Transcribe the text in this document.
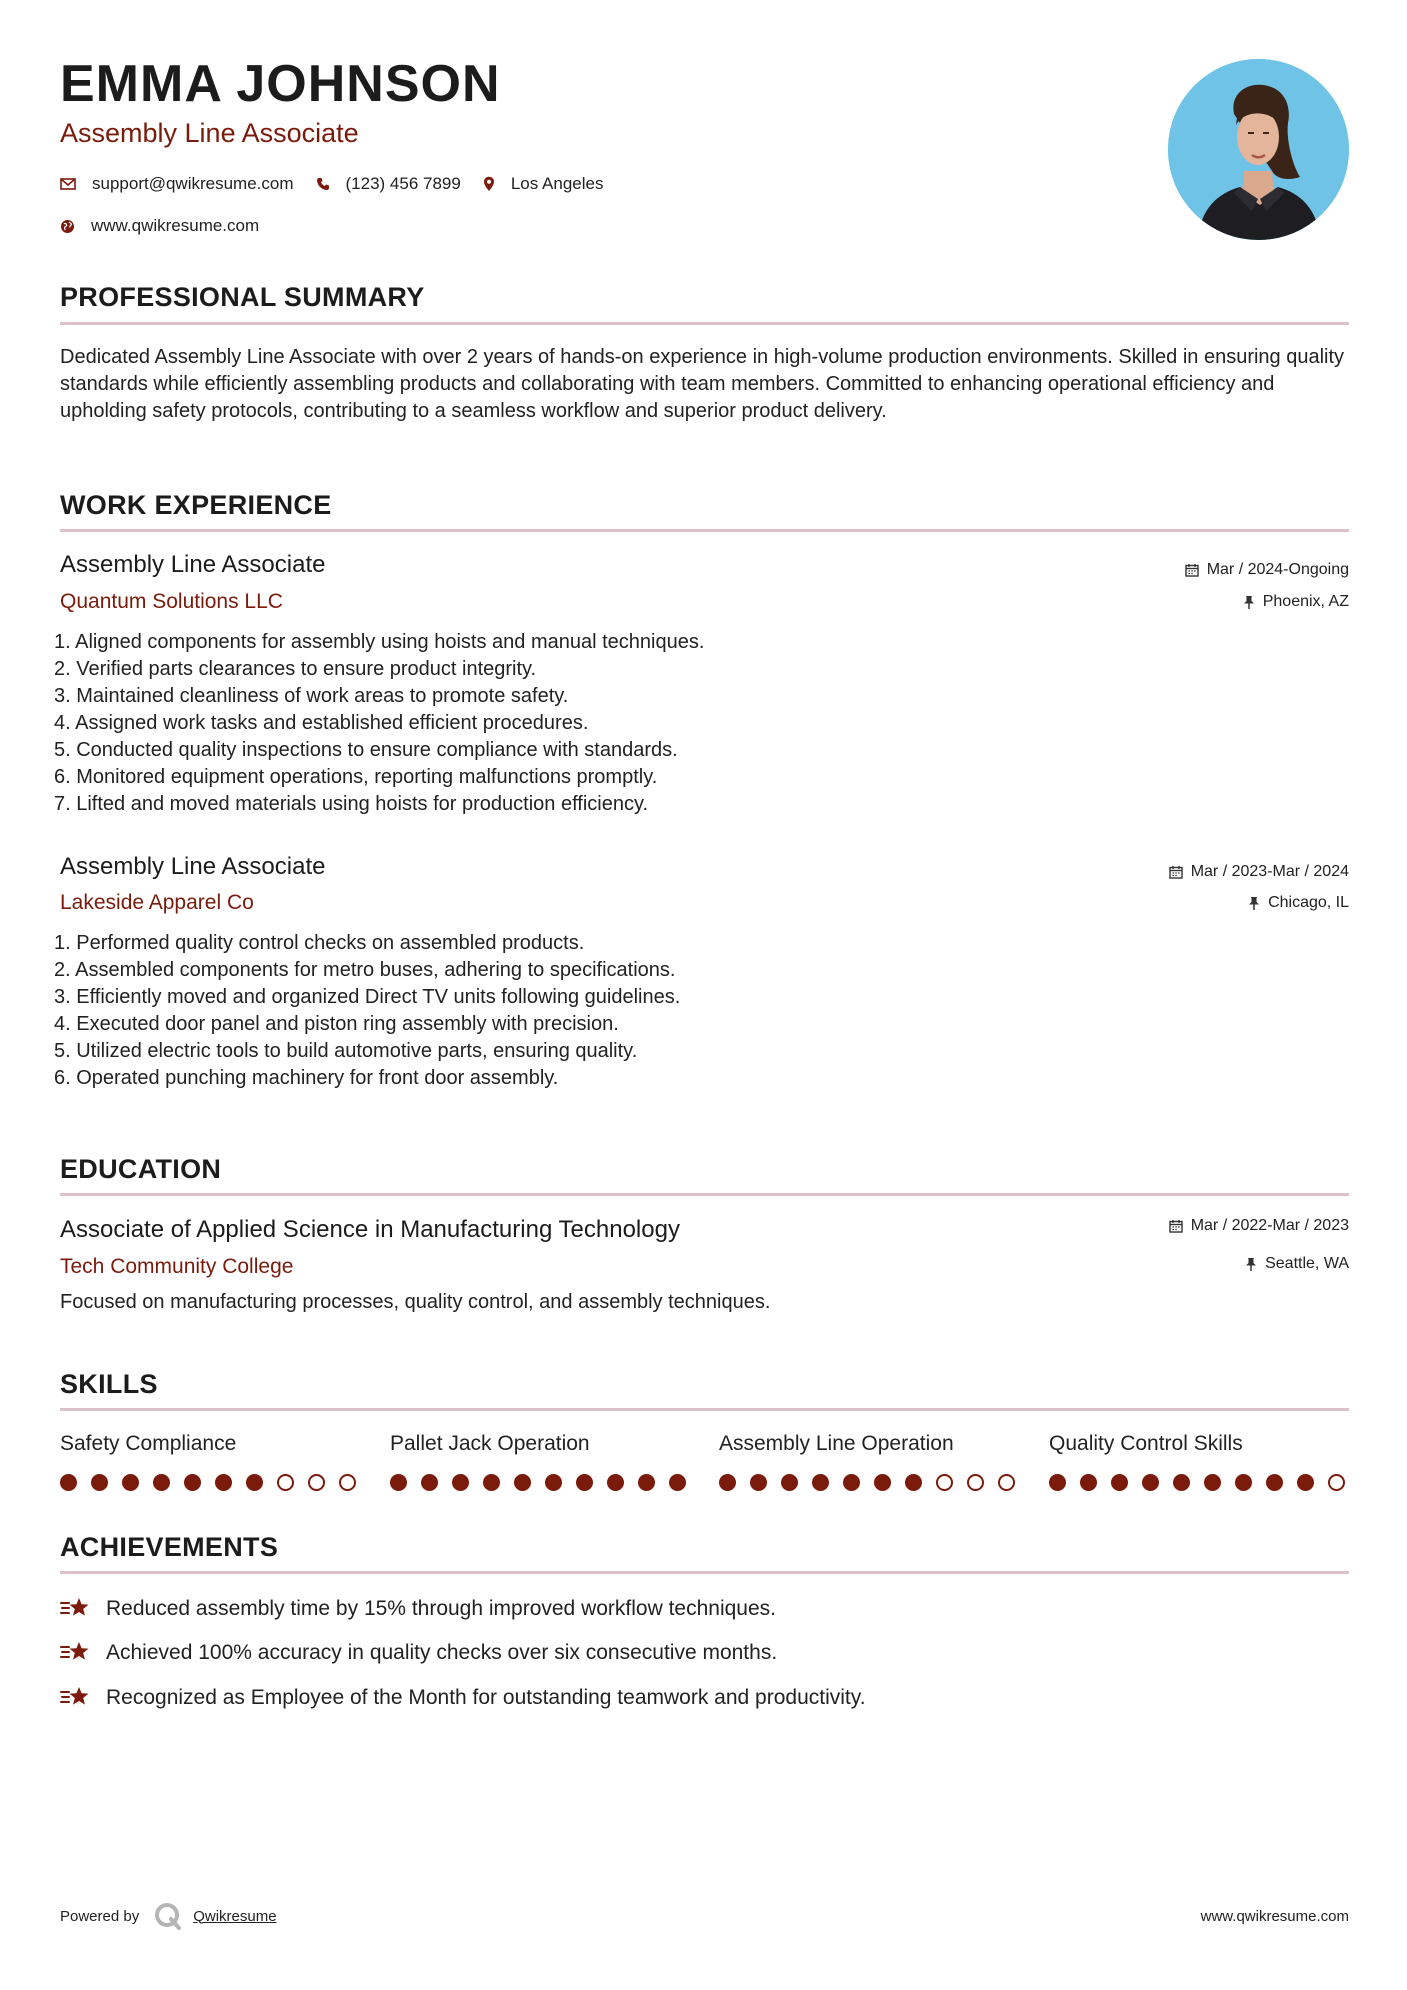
EMMA JOHNSON
Assembly Line Associate
support@qwikresume.com	(123) 456 7899	Los Angeles
www.qwikresume.com
PROFESSIONAL SUMMARY
Dedicated Assembly Line Associate with over 2 years of hands-on experience in high-volume production environments. Skilled in ensuring quality standards while efficiently assembling products and collaborating with team members. Committed to enhancing operational efficiency and upholding safety protocols, contributing to a seamless workflow and superior product delivery.
WORK EXPERIENCE
Assembly Line Associate
Quantum Solutions LLC
Mar / 2024-Ongoing
Phoenix, AZ
1. Aligned components for assembly using hoists and manual techniques.
2. Verified parts clearances to ensure product integrity.
3. Maintained cleanliness of work areas to promote safety.
4. Assigned work tasks and established efficient procedures.
5. Conducted quality inspections to ensure compliance with standards.
6. Monitored equipment operations, reporting malfunctions promptly.
7. Lifted and moved materials using hoists for production efficiency.
Assembly Line Associate
Lakeside Apparel Co
Mar / 2023-Mar / 2024
Chicago, IL
1. Performed quality control checks on assembled products.
2. Assembled components for metro buses, adhering to specifications.
3. Efficiently moved and organized Direct TV units following guidelines.
4. Executed door panel and piston ring assembly with precision.
5. Utilized electric tools to build automotive parts, ensuring quality.
6. Operated punching machinery for front door assembly.
EDUCATION
Associate of Applied Science in Manufacturing Technology
Tech Community College
Mar / 2022-Mar / 2023
Seattle, WA
Focused on manufacturing processes, quality control, and assembly techniques.
SKILLS
Safety Compliance	Pallet Jack Operation	Assembly Line Operation	Quality Control Skills
ACHIEVEMENTS
Reduced assembly time by 15% through improved workflow techniques.
Achieved 100% accuracy in quality checks over six consecutive months.
Recognized as Employee of the Month for outstanding teamwork and productivity.
Powered by	Qwikresume	www.qwikresume.com
